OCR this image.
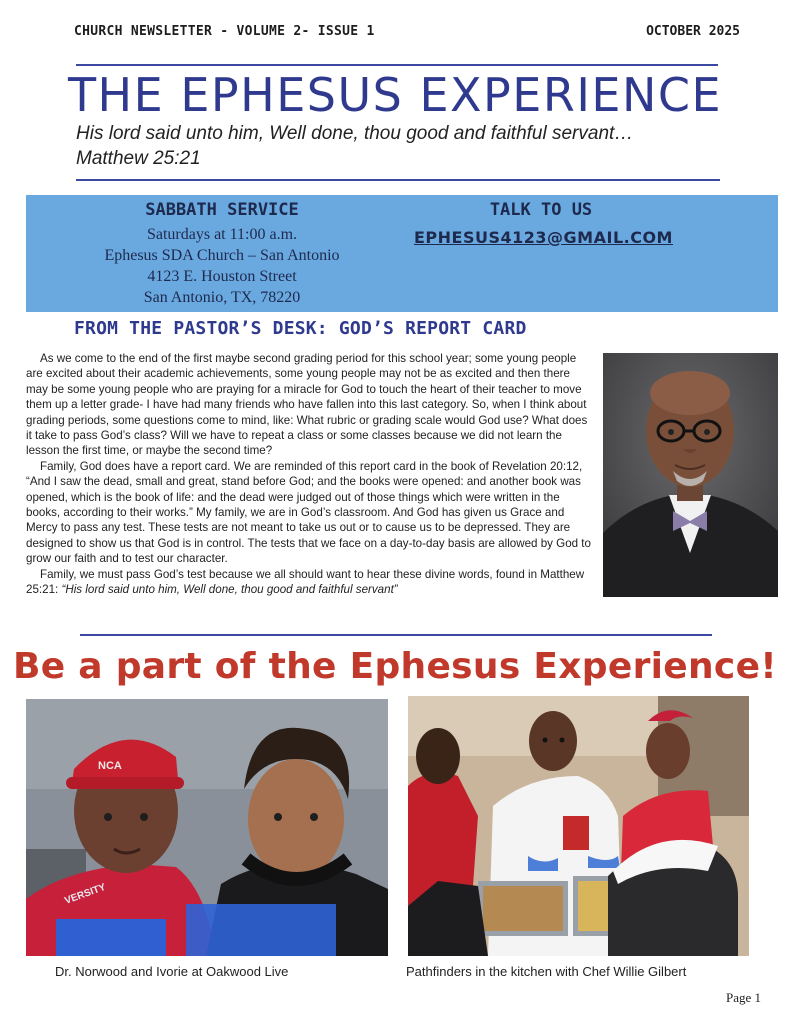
CHURCH NEWSLETTER - VOLUME 2- ISSUE 1	OCTOBER 2025
THE EPHESUS EXPERIENCE
His lord said unto him, Well done, thou good and faithful servant…
Matthew 25:21
SABBATH SERVICE
Saturdays at 11:00 a.m.
Ephesus SDA Church – San Antonio
4123 E. Houston Street
San Antonio, TX, 78220
TALK TO US
EPHESUS4123@GMAIL.COM
FROM THE PASTOR’S DESK: GOD’S REPORT CARD

As we come to the end of the first maybe second grading period for this school year; some young people are excited about their academic achievements, some young people may not be as excited and then there may be some young people who are praying for a miracle for God to touch the heart of their teacher to move them up a letter grade- I have had many friends who have fallen into this last category. So, when I think about grading periods, some questions come to mind, like: What rubric or grading scale would God use? What does it take to pass God’s class? Will we have to repeat a class or some classes because we did not learn the lesson the first time, or maybe the second time?

Family, God does have a report card. We are reminded of this report card in the book of Revelation 20:12, “And I saw the dead, small and great, stand before God; and the books were opened: and another book was opened, which is the book of life: and the dead were judged out of those things which were written in the books, according to their works.” My family, we are in God’s classroom. And God has given us Grace and Mercy to pass any test. These tests are not meant to take us out or to cause us to be depressed. They are designed to show us that God is in control. The tests that we face on a day-to-day basis are allowed by God to grow our faith and to test our character.

Family, we must pass God’s test because we all should want to hear these divine words, found in Matthew 25:21: “His lord said unto him, Well done, thou good and faithful servant”

Be a part of the Ephesus Experience!
NCA
VERSITY
Dr. Norwood and Ivorie at Oakwood Live	Pathfinders in the kitchen with Chef Willie Gilbert
Page 1
